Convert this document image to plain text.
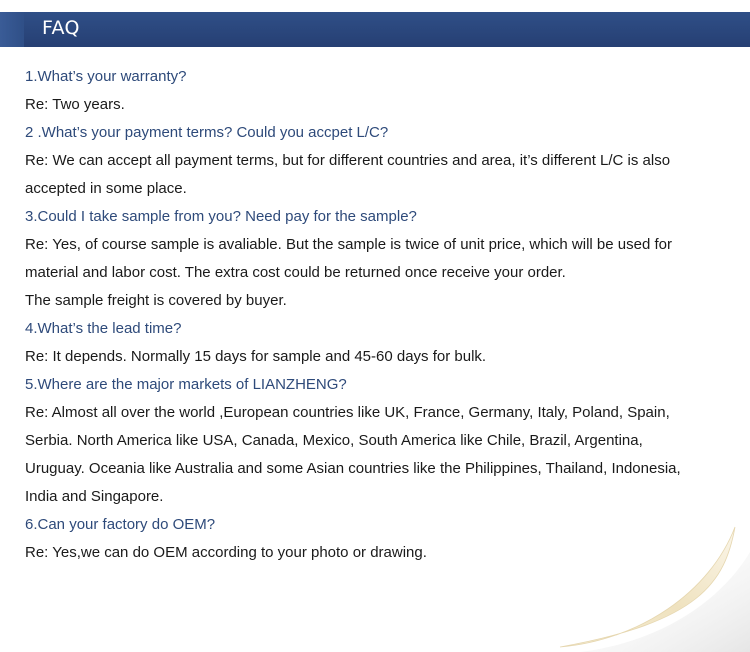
FAQ
1.What’s your warranty?
Re: Two years.
2 .What’s your payment terms? Could you accpet L/C?
Re: We can accept all payment terms, but for different countries and area, it’s different L/C is also
accepted in some place.
3.Could I take sample from you? Need pay for the sample?
Re: Yes, of course sample is avaliable. But the sample is twice of unit price, which will be used for
material and labor cost. The extra cost could be returned once receive your order.
The sample freight is covered by buyer.
4.What’s the lead time?
Re: It depends. Normally 15 days for sample and 45-60 days for bulk.
5.Where are the major markets of LIANZHENG?
Re: Almost all over the world ,European countries like UK, France, Germany, Italy, Poland, Spain,
Serbia. North America like USA, Canada, Mexico, South America like Chile, Brazil, Argentina,
Uruguay. Oceania like Australia and some Asian countries like the Philippines, Thailand, Indonesia,
India and Singapore.
6.Can your factory do OEM?
Re: Yes,we can do OEM according to your photo or drawing.
